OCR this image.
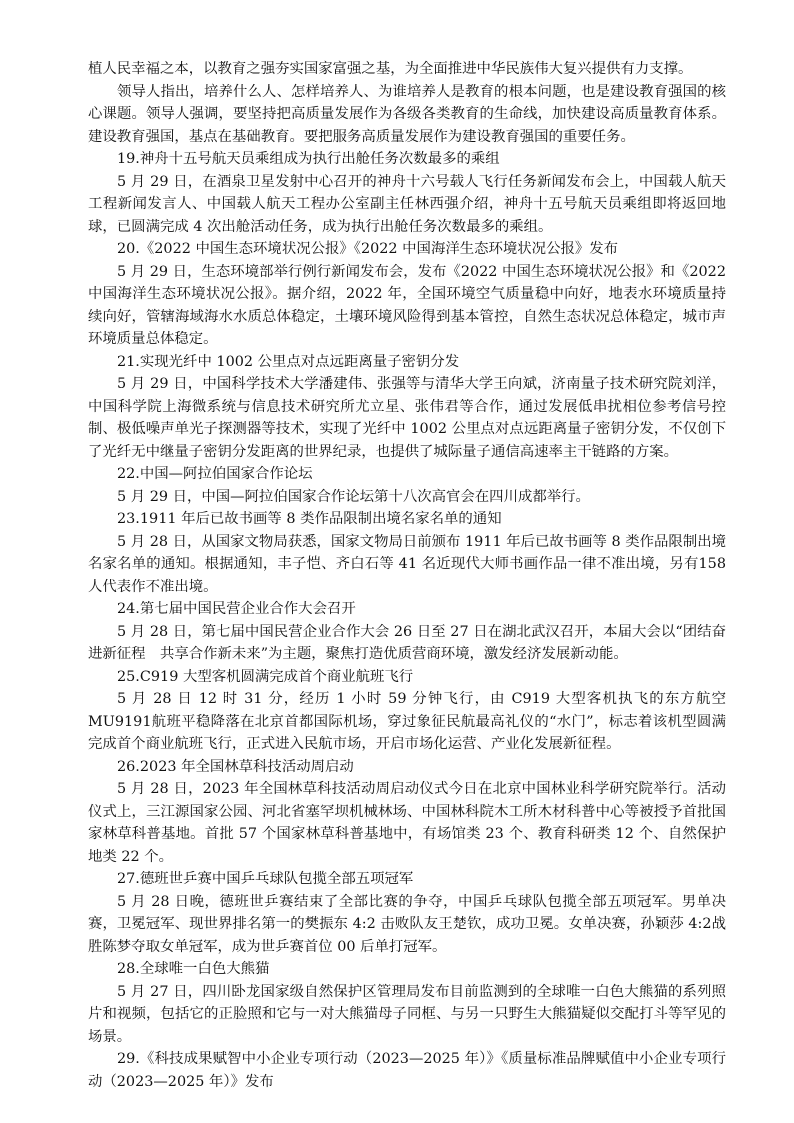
植人民幸福之本，以教育之强夯实国家富强之基，为全面推进中华民族伟大复兴提供有力支撑。

领导人指出，培养什么人、怎样培养人、为谁培养人是教育的根本问题，也是建设教育强国的核心课题。领导人强调，要坚持把高质量发展作为各级各类教育的生命线，加快建设高质量教育体系。建设教育强国，基点在基础教育。要把服务高质量发展作为建设教育强国的重要任务。

19.神舟十五号航天员乘组成为执行出舱任务次数最多的乘组

5 月 29 日，在酒泉卫星发射中心召开的神舟十六号载人飞行任务新闻发布会上，中国载人航天工程新闻发言人、中国载人航天工程办公室副主任林西强介绍，神舟十五号航天员乘组即将返回地球，已圆满完成 4 次出舱活动任务，成为执行出舱任务次数最多的乘组。

20.《2022 中国生态环境状况公报》《2022 中国海洋生态环境状况公报》发布

5 月 29 日，生态环境部举行例行新闻发布会，发布《2022 中国生态环境状况公报》和《2022中国海洋生态环境状况公报》。据介绍，2022 年，全国环境空气质量稳中向好，地表水环境质量持续向好，管辖海域海水水质总体稳定，土壤环境风险得到基本管控，自然生态状况总体稳定，城市声环境质量总体稳定。

21.实现光纤中 1002 公里点对点远距离量子密钥分发

5 月 29 日，中国科学技术大学潘建伟、张强等与清华大学王向斌，济南量子技术研究院刘洋，中国科学院上海微系统与信息技术研究所尤立星、张伟君等合作，通过发展低串扰相位参考信号控制、极低噪声单光子探测器等技术，实现了光纤中 1002 公里点对点远距离量子密钥分发，不仅创下了光纤无中继量子密钥分发距离的世界纪录，也提供了城际量子通信高速率主干链路的方案。

22.中国—阿拉伯国家合作论坛

5 月 29 日，中国—阿拉伯国家合作论坛第十八次高官会在四川成都举行。

23.1911 年后已故书画等 8 类作品限制出境名家名单的通知

5 月 28 日，从国家文物局获悉，国家文物局日前颁布 1911 年后已故书画等 8 类作品限制出境名家名单的通知。根据通知，丰子恺、齐白石等 41 名近现代大师书画作品一律不准出境，另有158 人代表作不准出境。

24.第七届中国民营企业合作大会召开

5 月 28 日，第七届中国民营企业合作大会 26 日至 27 日在湖北武汉召开，本届大会以“团结奋进新征程　共享合作新未来”为主题，聚焦打造优质营商环境，激发经济发展新动能。

25.C919 大型客机圆满完成首个商业航班飞行

5 月 28 日 12 时 31 分，经历 1 小时 59 分钟飞行，由 C919 大型客机执飞的东方航空 MU9191航班平稳降落在北京首都国际机场，穿过象征民航最高礼仪的“水门”，标志着该机型圆满完成首个商业航班飞行，正式进入民航市场，开启市场化运营、产业化发展新征程。

26.2023 年全国林草科技活动周启动

5 月 28 日，2023 年全国林草科技活动周启动仪式今日在北京中国林业科学研究院举行。活动仪式上，三江源国家公园、河北省塞罕坝机械林场、中国林科院木工所木材科普中心等被授予首批国家林草科普基地。首批 57 个国家林草科普基地中，有场馆类 23 个、教育科研类 12 个、自然保护地类 22 个。

27.德班世乒赛中国乒乓球队包揽全部五项冠军

5 月 28 日晚，德班世乒赛结束了全部比赛的争夺，中国乒乓球队包揽全部五项冠军。男单决赛，卫冕冠军、现世界排名第一的樊振东 4:2 击败队友王楚钦，成功卫冕。女单决赛，孙颖莎 4:2战胜陈梦夺取女单冠军，成为世乒赛首位 00 后单打冠军。

28.全球唯一白色大熊猫

5 月 27 日，四川卧龙国家级自然保护区管理局发布目前监测到的全球唯一白色大熊猫的系列照片和视频，包括它的正脸照和它与一对大熊猫母子同框、与另一只野生大熊猫疑似交配打斗等罕见的场景。

29.《科技成果赋智中小企业专项行动（2023—2025 年）》《质量标准品牌赋值中小企业专项行动（2023—2025 年）》发布
